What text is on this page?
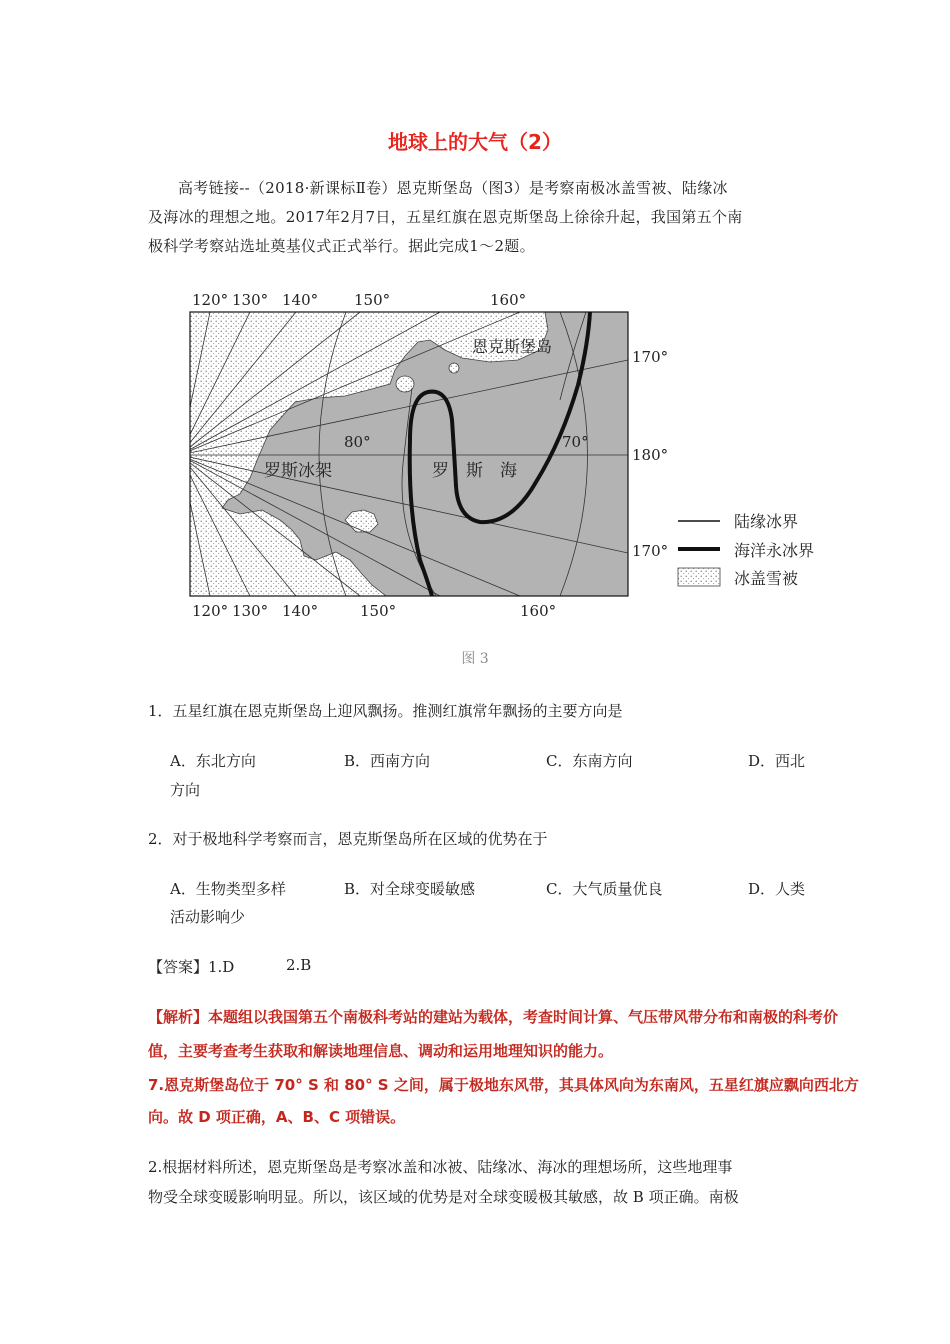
地球上的大气（2）
高考链接--（2018·新课标Ⅱ卷）恩克斯堡岛（图3）是考察南极冰盖雪被、陆缘冰
及海冰的理想之地。2017年2月7日，五星红旗在恩克斯堡岛上徐徐升起，我国第五个南
极科学考察站选址奠基仪式正式举行。据此完成1～2题。
120° 130° 140° 150°	160°
120° 130° 140°	150°	160°
170°
180°
170°
80°	70°
恩克斯堡岛
罗斯冰架	罗　斯　海
陆缘冰界
海洋永冰界
冰盖雪被
图 3
1．五星红旗在恩克斯堡岛上迎风飘扬。推测红旗常年飘扬的主要方向是
A．东北方向	B．西南方向	C．东南方向	D．西北
方向
2．对于极地科学考察而言，恩克斯堡岛所在区域的优势在于
A．生物类型多样	B．对全球变暖敏感	C．大气质量优良	D．人类
活动影响少
【答案】1.D	2.B
【解析】本题组以我国第五个南极科考站的建站为载体，考查时间计算、气压带风带分布和南极的科考价
值，主要考查考生获取和解读地理信息、调动和运用地理知识的能力。
7.恩克斯堡岛位于 70° S 和 80° S 之间，属于极地东风带，其具体风向为东南风，五星红旗应飘向西北方
向。故 D 项正确，A、B、C 项错误。
2.根据材料所述，恩克斯堡岛是考察冰盖和冰被、陆缘冰、海冰的理想场所，这些地理事
物受全球变暖影响明显。所以，该区域的优势是对全球变暖极其敏感，故 B 项正确。南极
